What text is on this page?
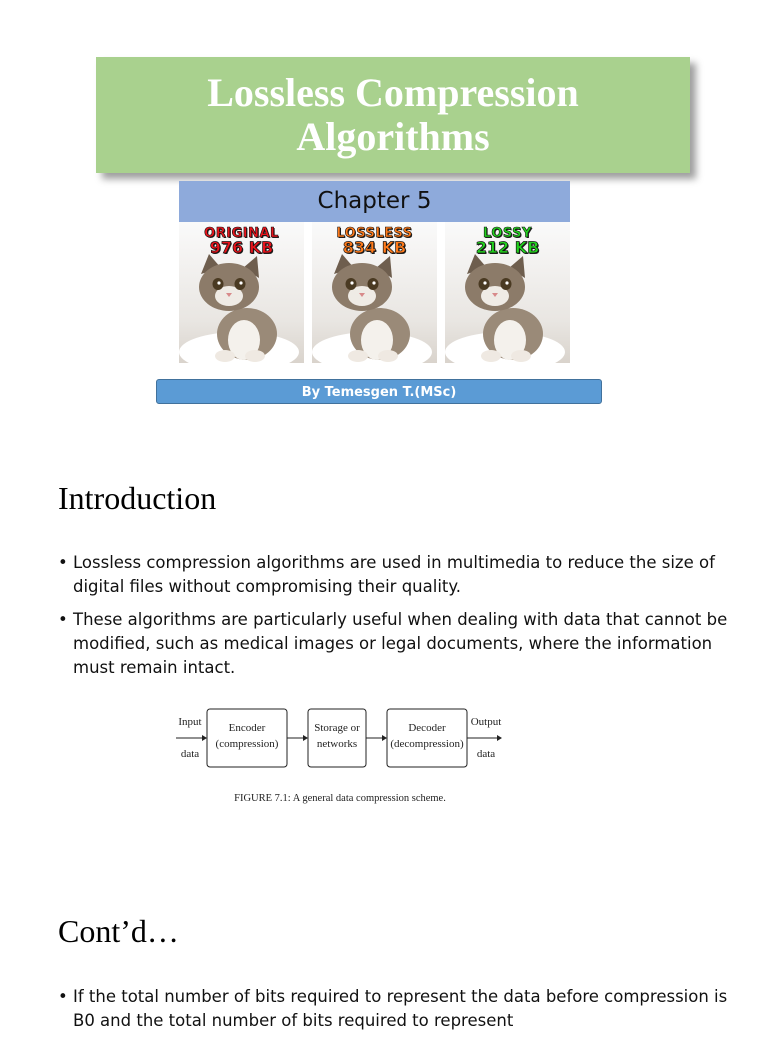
Lossless Compression
Algorithms
Chapter 5
ORIGINAL
976 KB
LOSSLESS
834 KB
LOSSY
212 KB
By Temesgen T.(MSc)
Introduction
• Lossless compression algorithms are used in multimedia to reduce the size of digital files without compromising their quality.
• These algorithms are particularly useful when dealing with data that cannot be modified, such as medical images or legal documents, where the information must remain intact.
Input
data
Encoder
(compression)
Storage or
networks
Decoder
(decompression)
Output
data
FIGURE 7.1: A general data compression scheme.
Cont’d…
• If the total number of bits required to represent the data before compression is B0 and the total number of bits required to represent
